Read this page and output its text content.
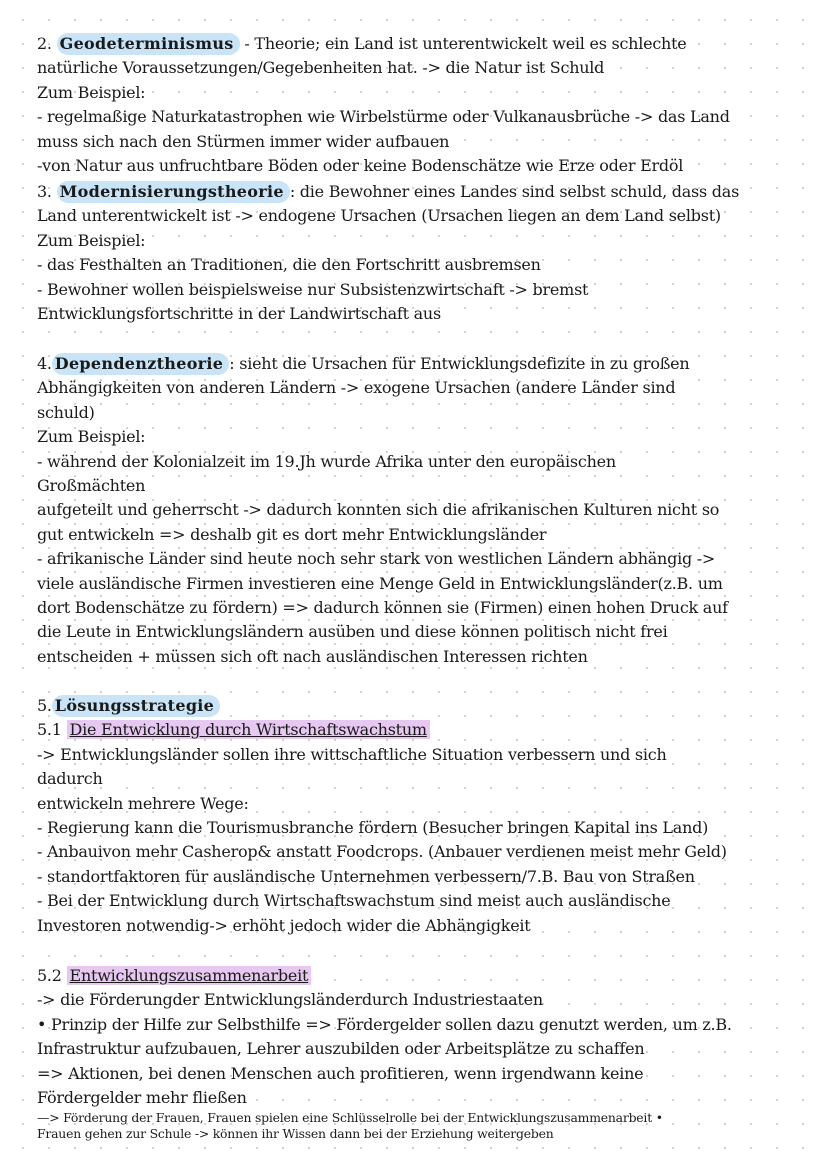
2. Geodeterminismus - Theorie; ein Land ist unterentwickelt weil es schlechte

natürliche Voraussetzungen/Gegebenheiten hat. -> die Natur ist Schuld

Zum Beispiel:

- regelmaßige Naturkatastrophen wie Wirbelstürme oder Vulkanausbrüche -> das Land

muss sich nach den Stürmen immer wider aufbauen

-von Natur aus unfruchtbare Böden oder keine Bodenschätze wie Erze oder Erdöl

3. Modernisierungstheorie : die Bewohner eines Landes sind selbst schuld, dass das

Land unterentwickelt ist -> endogene Ursachen (Ursachen liegen an dem Land selbst)

Zum Beispiel:

- das Festhalten an Traditionen, die den Fortschritt ausbremsen

- Bewohner wollen beispielsweise nur Subsistenzwirtschaft -> bremst

Entwicklungsfortschritte in der Landwirtschaft aus

4. Dependenztheorie : sieht die Ursachen für Entwicklungsdefizite in zu großen

Abhängigkeiten von anderen Ländern -> exogene Ursachen (andere Länder sind

schuld)

Zum Beispiel:

- während der Kolonialzeit im 19.Jh wurde Afrika unter den europäischen

Großmächten

aufgeteilt und geherrscht -> dadurch konnten sich die afrikanischen Kulturen nicht so

gut entwickeln => deshalb git es dort mehr Entwicklungsländer

- afrikanische Länder sind heute noch sehr stark von westlichen Ländern abhängig ->

viele ausländische Firmen investieren eine Menge Geld in Entwicklungsländer(z.B. um

dort Bodenschätze zu fördern) => dadurch können sie (Firmen) einen hohen Druck auf

die Leute in Entwicklungsländern ausüben und diese können politisch nicht frei

entscheiden + müssen sich oft nach ausländischen Interessen richten

5. Lösungsstrategie

5.1 Die Entwicklung durch Wirtschaftswachstum

-> Entwicklungsländer sollen ihre wittschaftliche Situation verbessern und sich

dadurch

entwickeln mehrere Wege:

- Regierung kann die Tourismusbranche fördern (Besucher bringen Kapital ins Land)

- Anbauivon mehr Casherop& anstatt Foodcrops. (Anbauer verdienen meist mehr Geld)

- standortfaktoren für ausländische Unternehmen verbessern/7.B. Bau von Straßen

- Bei der Entwicklung durch Wirtschaftswachstum sind meist auch ausländische

Investoren notwendig-> erhöht jedoch wider die Abhängigkeit

5.2 Entwicklungszusammenarbeit

-> die Förderungder Entwicklungsländerdurch Industriestaaten

• Prinzip der Hilfe zur Selbsthilfe => Fördergelder sollen dazu genutzt werden, um z.B.

Infrastruktur aufzubauen, Lehrer auszubilden oder Arbeitsplätze zu schaffen

=> Aktionen, bei denen Menschen auch profitieren, wenn irgendwann keine

Fördergelder mehr fließen

—> Förderung der Frauen, Frauen spielen eine Schlüsselrolle bei der Entwicklungszusammenarbeit •

Frauen gehen zur Schule -> können ihr Wissen dann bei der Erziehung weitergeben
